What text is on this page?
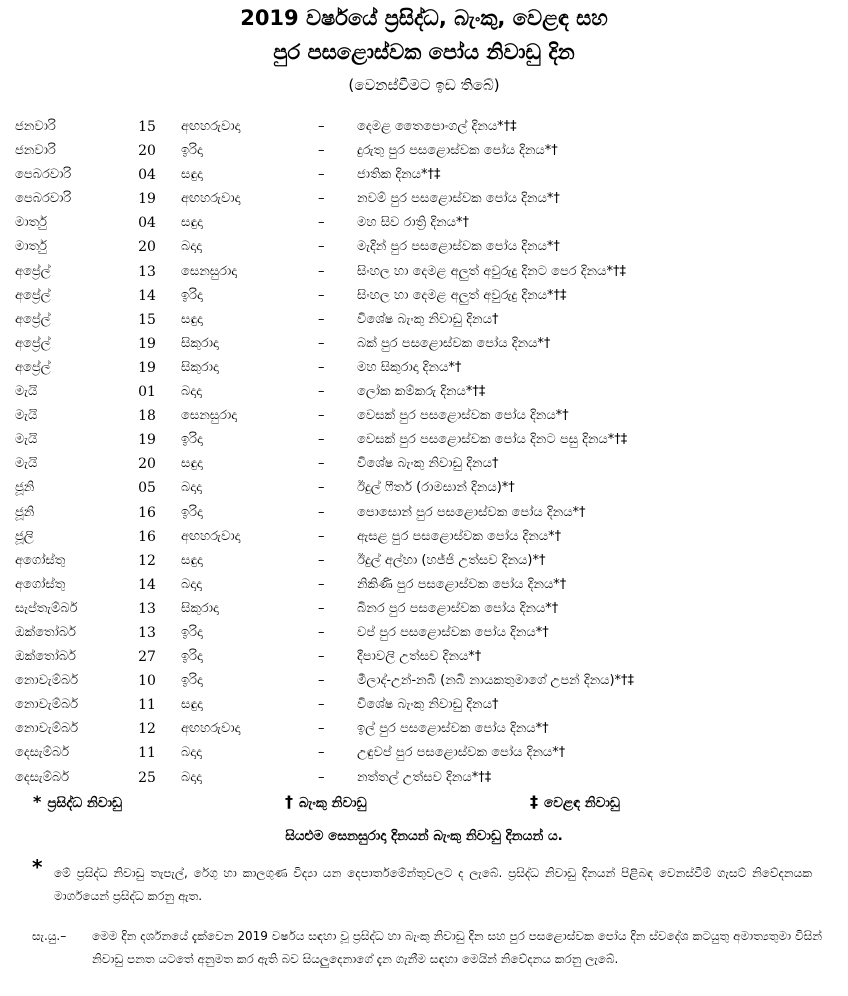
2019 වර්ෂයේ ප්‍රසිද්ධ, බැංකු, වෙළඳ සහ
පුර පසළොස්වක පෝය නිවාඩු දින
(වෙනස්වීමට ඉඩ තිබේ)
ජනවාරි	15 අඟහරුවාදා	–	දෙමළ තෛපොංගල් දිනය*†‡
ජනවාරි	20 ඉරිදා	–	දුරුතු පුර පසළොස්වක පෝය දිනය*†
පෙබරවාරි	04 සඳුදා	–	ජාතික දිනය*†‡
පෙබරවාරි	19 අඟහරුවාදා	–	නවම් පුර පසළොස්වක පෝය දිනය*†
මාර්තු	04 සඳුදා	–	මහ සිව රාත්‍රි දිනය*†
මාර්තු	20 බදාදා	–	මැදින් පුර පසළොස්වක පෝය දිනය*†
අප්‍රේල්	13 සෙනසුරාදා	–	සිංහල හා දෙමළ අලුත් අවුරුදු දිනට පෙර දිනය*†‡
අප්‍රේල්	14 ඉරිදා	–	සිංහල හා දෙමළ අලුත් අවුරුදු දිනය*†‡
අප්‍රේල්	15 සඳුදා	–	විශේෂ බැංකු නිවාඩු දිනය†
අප්‍රේල්	19 සිකුරාදා	–	බක් පුර පසළොස්වක පෝය දිනය*†
අප්‍රේල්	19 සිකුරාදා	–	මහ සිකුරාදා දිනය*†
මැයි	01 බදාදා	–	ලෝක කම්කරු දිනය*†‡
මැයි	18 සෙනසුරාදා	–	වෙසක් පුර පසළොස්වක පෝය දිනය*†
මැයි	19 ඉරිදා	–	වෙසක් පුර පසළොස්වක පෝය දිනට පසු දිනය*†‡
මැයි	20 සඳුදා	–	විශේෂ බැංකු නිවාඩු දිනය†
ජූනි	05 බදාදා	–	ඊදුල් ෆීතර් (රාමසාන් දිනය)*†
ජූනි	16 ඉරිදා	–	පොසොන් පුර පසළොස්වක පෝය දිනය*†
ජූලි	16 අඟහරුවාදා	–	ඇසළ පුර පසළොස්වක පෝය දිනය*†
අගෝස්තු	12 සඳුදා	–	ඊදුල් අල්හා (හජ්ජි උත්සව දිනය)*†
අගෝස්තු	14 බදාදා	–	නිකිණි පුර පසළොස්වක පෝය දිනය*†
සැප්තැම්බර්	13 සිකුරාදා	–	බිනර පුර පසළොස්වක පෝය දිනය*†
ඔක්තෝබර්	13 ඉරිදා	–	වප් පුර පසළොස්වක පෝය දිනය*†
ඔක්තෝබර්	27 ඉරිදා	–	දීපාවලි උත්සව දිනය*†
නොවැම්බර්	10 ඉරිදා	–	මීලාද්-උන්-නබි (නබි නායකතුමාගේ උපන් දිනය)*†‡
නොවැම්බර්	11 සඳුදා	–	විශේෂ බැංකු නිවාඩු දිනය†
නොවැම්බර්	12 අඟහරුවාදා	–	ඉල් පුර පසළොස්වක පෝය දිනය*†
දෙසැම්බර්	11 බදාදා	–	උඳුවප් පුර පසළොස්වක පෝය දිනය*†
දෙසැම්බර්	25 බදාදා	–	නත්තල් උත්සව දිනය*†‡
* ප්‍රසිද්ධ නිවාඩු	† බැංකු නිවාඩු	‡ වෙළඳ නිවාඩු
සියළුම සෙනසුරාදා දිනයන් බැංකු නිවාඩු දිනයන් ය.
* මේ ප්‍රසිද්ධ නිවාඩු තැපැල්, රේගු හා කාලගුණ විද්‍යා යන දෙපාර්තමේන්තුවලට ද ලැබේ. ප්‍රසිද්ධ නිවාඩු දිනයන් පිළිබඳ වෙනස්වීම් ගැසට් නිවේදනයක මාර්ගයෙන් ප්‍රසිද්ධ කරනු ඇත.
සැ.යු.–	මෙම දින දර්ශනයේ දැක්වෙන 2019 වර්ෂය සඳහා වූ ප්‍රසිද්ධ හා බැංකු නිවාඩු දින සහ පුර පසළොස්වක පෝය දින ස්වදේශ කටයුතු අමාත්‍යතුමා විසින් නිවාඩු පනත යටතේ අනුමත කර ඇති බව සියලුදෙනාගේ දැන ගැනීම සඳහා මෙයින් නිවේදනය කරනු ලැබේ.
